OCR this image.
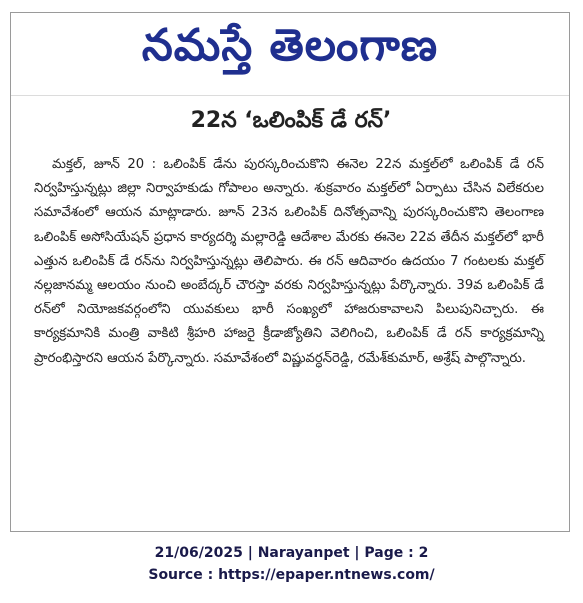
నమస్తే తెలంగాణ
22న ‘ఒలింపిక్ డే రన్’
మక్తల్, జూన్ 20 : ఒలింపిక్ డేను పురస్కరించుకొని ఈనెల 22న మక్తల్‌లో ఒలింపిక్ డే రన్ నిర్వహిస్తున్నట్లు జిల్లా నిర్వాహకుడు గోపాలం అన్నారు. శుక్రవారం మక్తల్‌లో ఏర్పాటు చేసిన విలేకరుల సమావేశంలో ఆయన మాట్లాడారు. జూన్ 23న ఒలింపిక్ దినోత్సవాన్ని పురస్కరించుకొని తెలంగాణ ఒలింపిక్ అసోసియేషన్ ప్రధాన కార్యదర్శి మల్లారెడ్డి ఆదేశాల మేరకు ఈనెల 22వ తేదీన మక్తల్‌లో భారీ ఎత్తున ఒలింపిక్ డే రన్‌ను నిర్వహిస్తున్నట్లు తెలిపారు. ఈ రన్ ఆదివారం ఉదయం 7 గంటలకు మక్తల్ నల్లజానమ్మ ఆలయం నుంచి అంబేద్కర్ చౌరస్తా వరకు నిర్వహిస్తున్నట్లు పేర్కొన్నారు. 39వ ఒలింపిక్ డే రన్‌లో నియోజకవర్గంలోని యువకులు భారీ సంఖ్యలో హాజరుకావాలని పిలుపునిచ్చారు. ఈ కార్యక్రమానికి మంత్రి వాకిటి శ్రీహరి హాజరై క్రీడాజ్యోతిని వెలిగించి, ఒలింపిక్ డే రన్ కార్యక్రమాన్ని ప్రారంభిస్తారని ఆయన పేర్కొన్నారు. సమావేశంలో విష్ణువర్ధన్‌రెడ్డి, రమేశ్‌కుమార్, అశ్రేష్ పాల్గొన్నారు.
21/06/2025 | Narayanpet | Page : 2
Source : https://epaper.ntnews.com/
